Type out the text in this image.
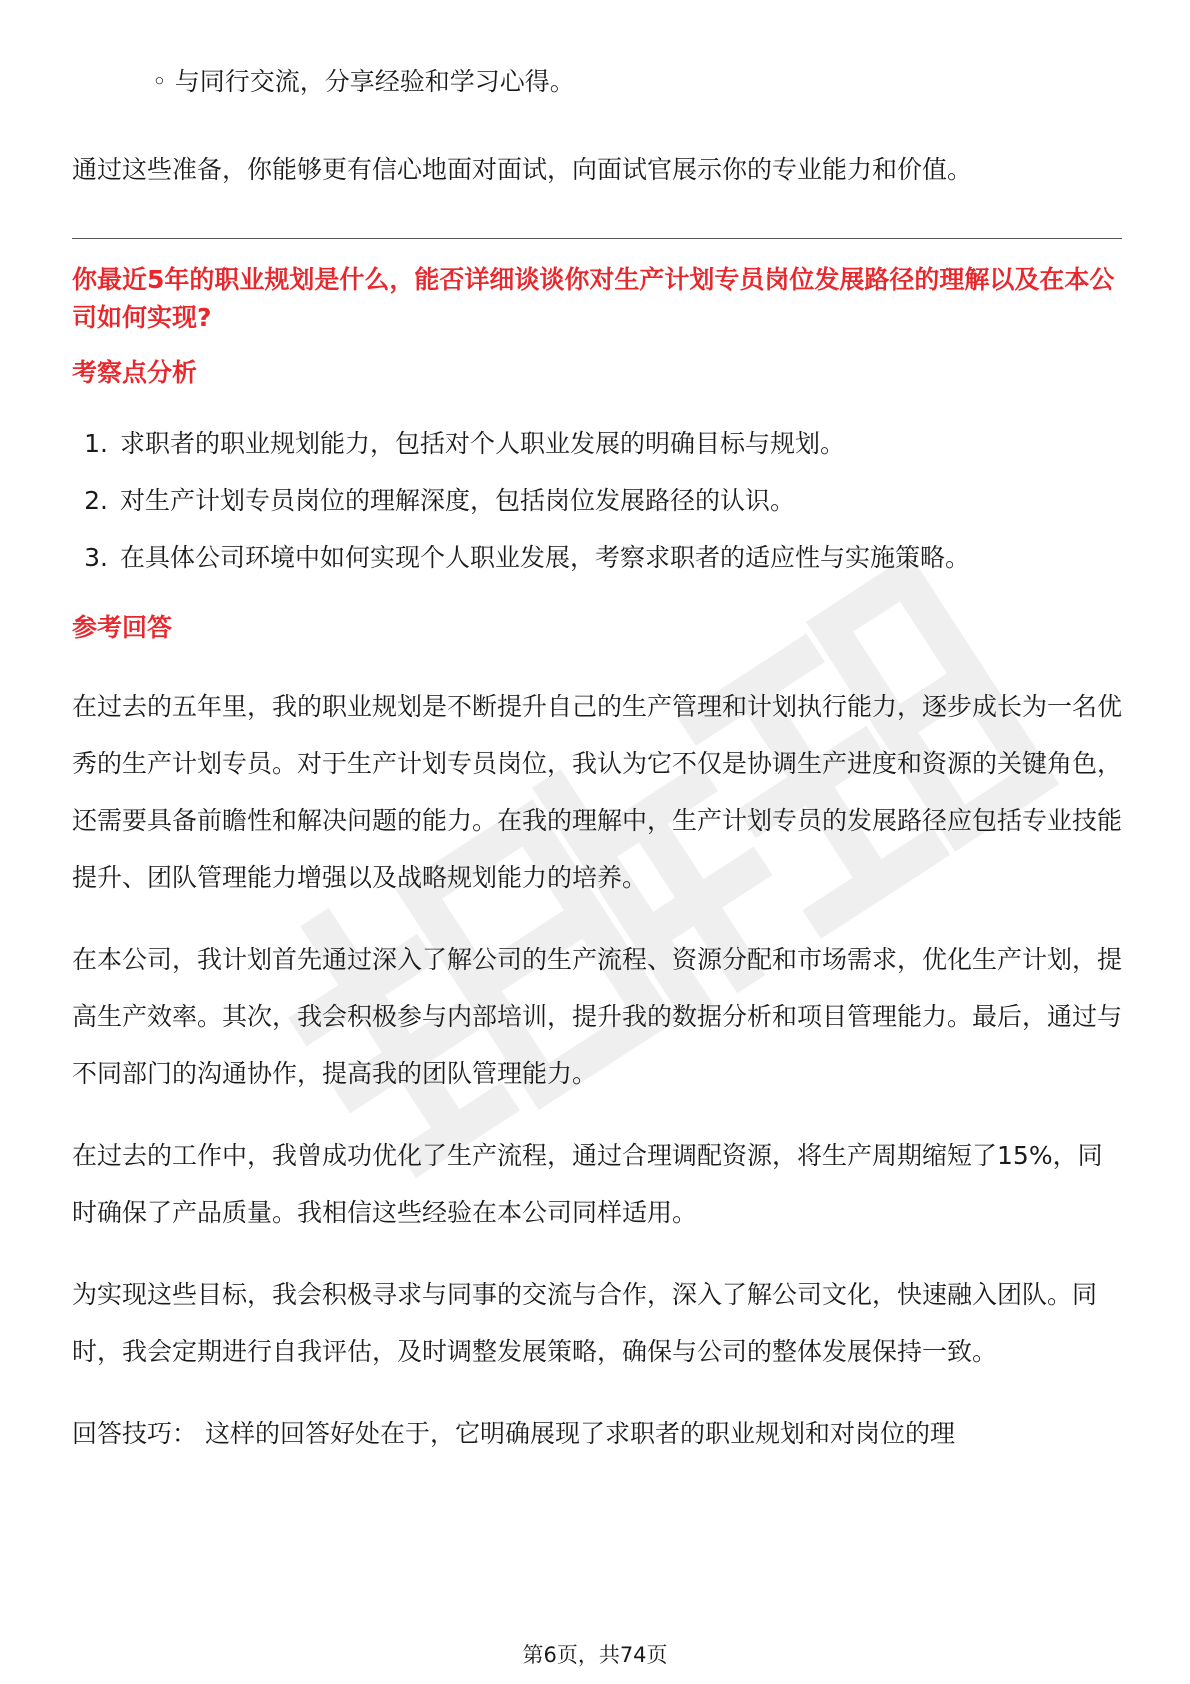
◦ 与同行交流，分享经验和学习心得。

通过这些准备，你能够更有信心地面对面试，向面试官展示你的专业能力和价值。

你最近5年的职业规划是什么，能否详细谈谈你对生产计划专员岗位发展路径的理解以及在本公司如何实现?

考察点分析

1. 求职者的职业规划能力，包括对个人职业发展的明确目标与规划。
2. 对生产计划专员岗位的理解深度，包括岗位发展路径的认识。
3. 在具体公司环境中如何实现个人职业发展，考察求职者的适应性与实施策略。

参考回答

在过去的五年里，我的职业规划是不断提升自己的生产管理和计划执行能力，逐步成长为一名优秀的生产计划专员。对于生产计划专员岗位，我认为它不仅是协调生产进度和资源的关键角色，还需要具备前瞻性和解决问题的能力。在我的理解中，生产计划专员的发展路径应包括专业技能提升、团队管理能力增强以及战略规划能力的培养。

在本公司，我计划首先通过深入了解公司的生产流程、资源分配和市场需求，优化生产计划，提高生产效率。其次，我会积极参与内部培训，提升我的数据分析和项目管理能力。最后，通过与不同部门的沟通协作，提高我的团队管理能力。

在过去的工作中，我曾成功优化了生产流程，通过合理调配资源，将生产周期缩短了15%，同时确保了产品质量。我相信这些经验在本公司同样适用。

为实现这些目标，我会积极寻求与同事的交流与合作，深入了解公司文化，快速融入团队。同时，我会定期进行自我评估，及时调整发展策略，确保与公司的整体发展保持一致。

回答技巧： 这样的回答好处在于，它明确展现了求职者的职业规划和对岗位的理

第6页，共74页
